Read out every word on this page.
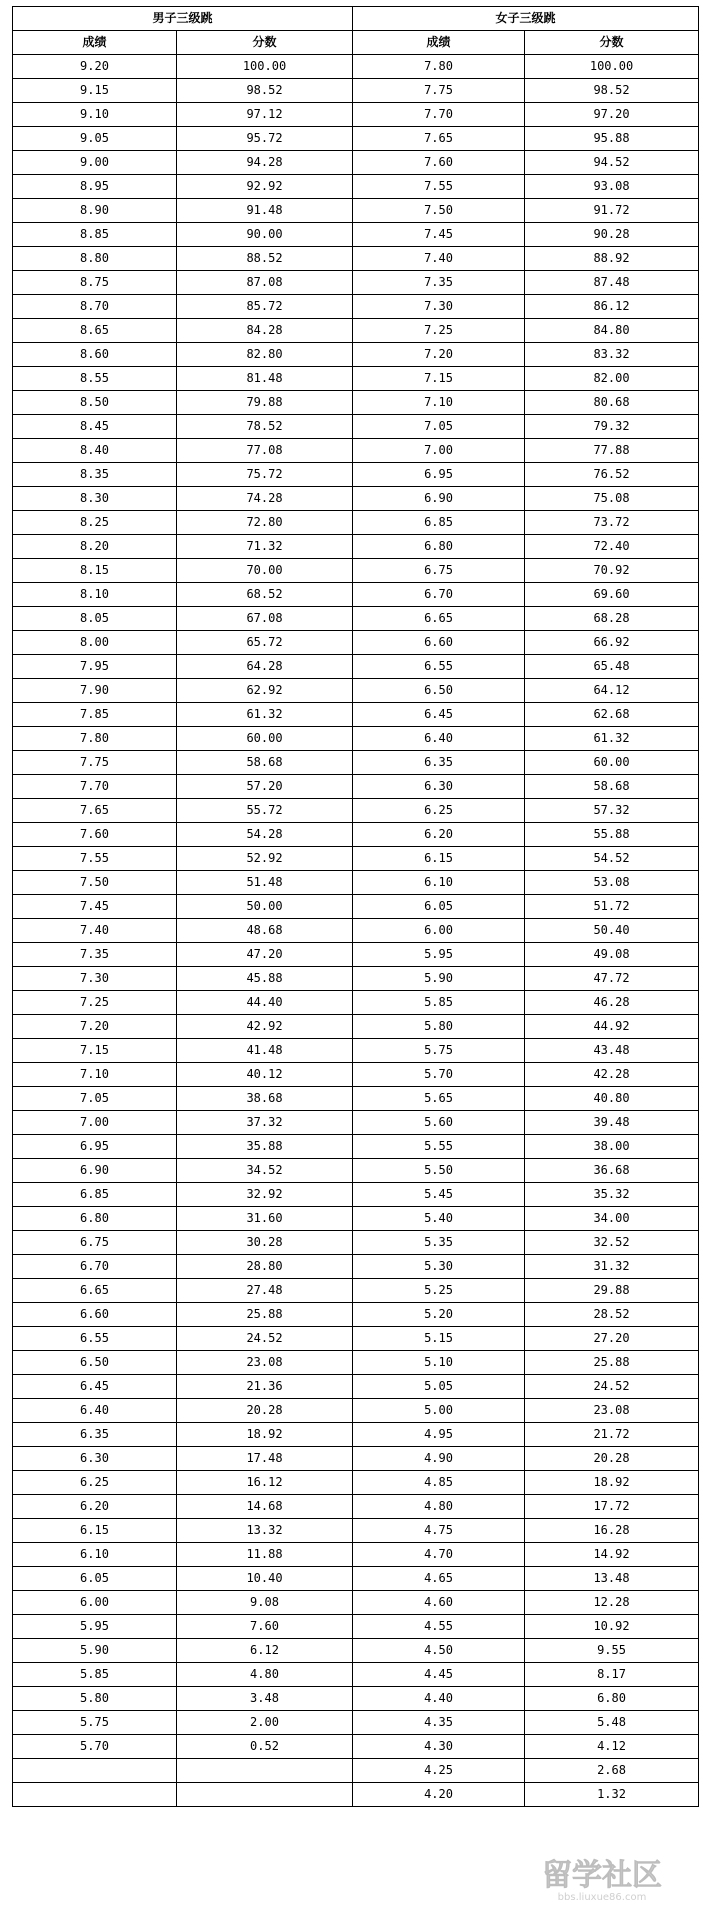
男子三级跳		女子三级跳	
成绩	分数	成绩	分数
9.20	100.00	7.80	100.00
9.15	98.52	7.75	98.52
9.10	97.12	7.70	97.20
9.05	95.72	7.65	95.88
9.00	94.28	7.60	94.52
8.95	92.92	7.55	93.08
8.90	91.48	7.50	91.72
8.85	90.00	7.45	90.28
8.80	88.52	7.40	88.92
8.75	87.08	7.35	87.48
8.70	85.72	7.30	86.12
8.65	84.28	7.25	84.80
8.60	82.80	7.20	83.32
8.55	81.48	7.15	82.00
8.50	79.88	7.10	80.68
8.45	78.52	7.05	79.32
8.40	77.08	7.00	77.88
8.35	75.72	6.95	76.52
8.30	74.28	6.90	75.08
8.25	72.80	6.85	73.72
8.20	71.32	6.80	72.40
8.15	70.00	6.75	70.92
8.10	68.52	6.70	69.60
8.05	67.08	6.65	68.28
8.00	65.72	6.60	66.92
7.95	64.28	6.55	65.48
7.90	62.92	6.50	64.12
7.85	61.32	6.45	62.68
7.80	60.00	6.40	61.32
7.75	58.68	6.35	60.00
7.70	57.20	6.30	58.68
7.65	55.72	6.25	57.32
7.60	54.28	6.20	55.88
7.55	52.92	6.15	54.52
7.50	51.48	6.10	53.08
7.45	50.00	6.05	51.72
7.40	48.68	6.00	50.40
7.35	47.20	5.95	49.08
7.30	45.88	5.90	47.72
7.25	44.40	5.85	46.28
7.20	42.92	5.80	44.92
7.15	41.48	5.75	43.48
7.10	40.12	5.70	42.28
7.05	38.68	5.65	40.80
7.00	37.32	5.60	39.48
6.95	35.88	5.55	38.00
6.90	34.52	5.50	36.68
6.85	32.92	5.45	35.32
6.80	31.60	5.40	34.00
6.75	30.28	5.35	32.52
6.70	28.80	5.30	31.32
6.65	27.48	5.25	29.88
6.60	25.88	5.20	28.52
6.55	24.52	5.15	27.20
6.50	23.08	5.10	25.88
6.45	21.36	5.05	24.52
6.40	20.28	5.00	23.08
6.35	18.92	4.95	21.72
6.30	17.48	4.90	20.28
6.25	16.12	4.85	18.92
6.20	14.68	4.80	17.72
6.15	13.32	4.75	16.28
6.10	11.88	4.70	14.92
6.05	10.40	4.65	13.48
6.00	9.08	4.60	12.28
5.95	7.60	4.55	10.92
5.90	6.12	4.50	9.55
5.85	4.80	4.45	8.17
5.80	3.48	4.40	6.80
5.75	2.00	4.35	5.48
5.70	0.52	4.30	4.12
		4.25	2.68
		4.20	1.32
留学社区
bbs.liuxue86.com
